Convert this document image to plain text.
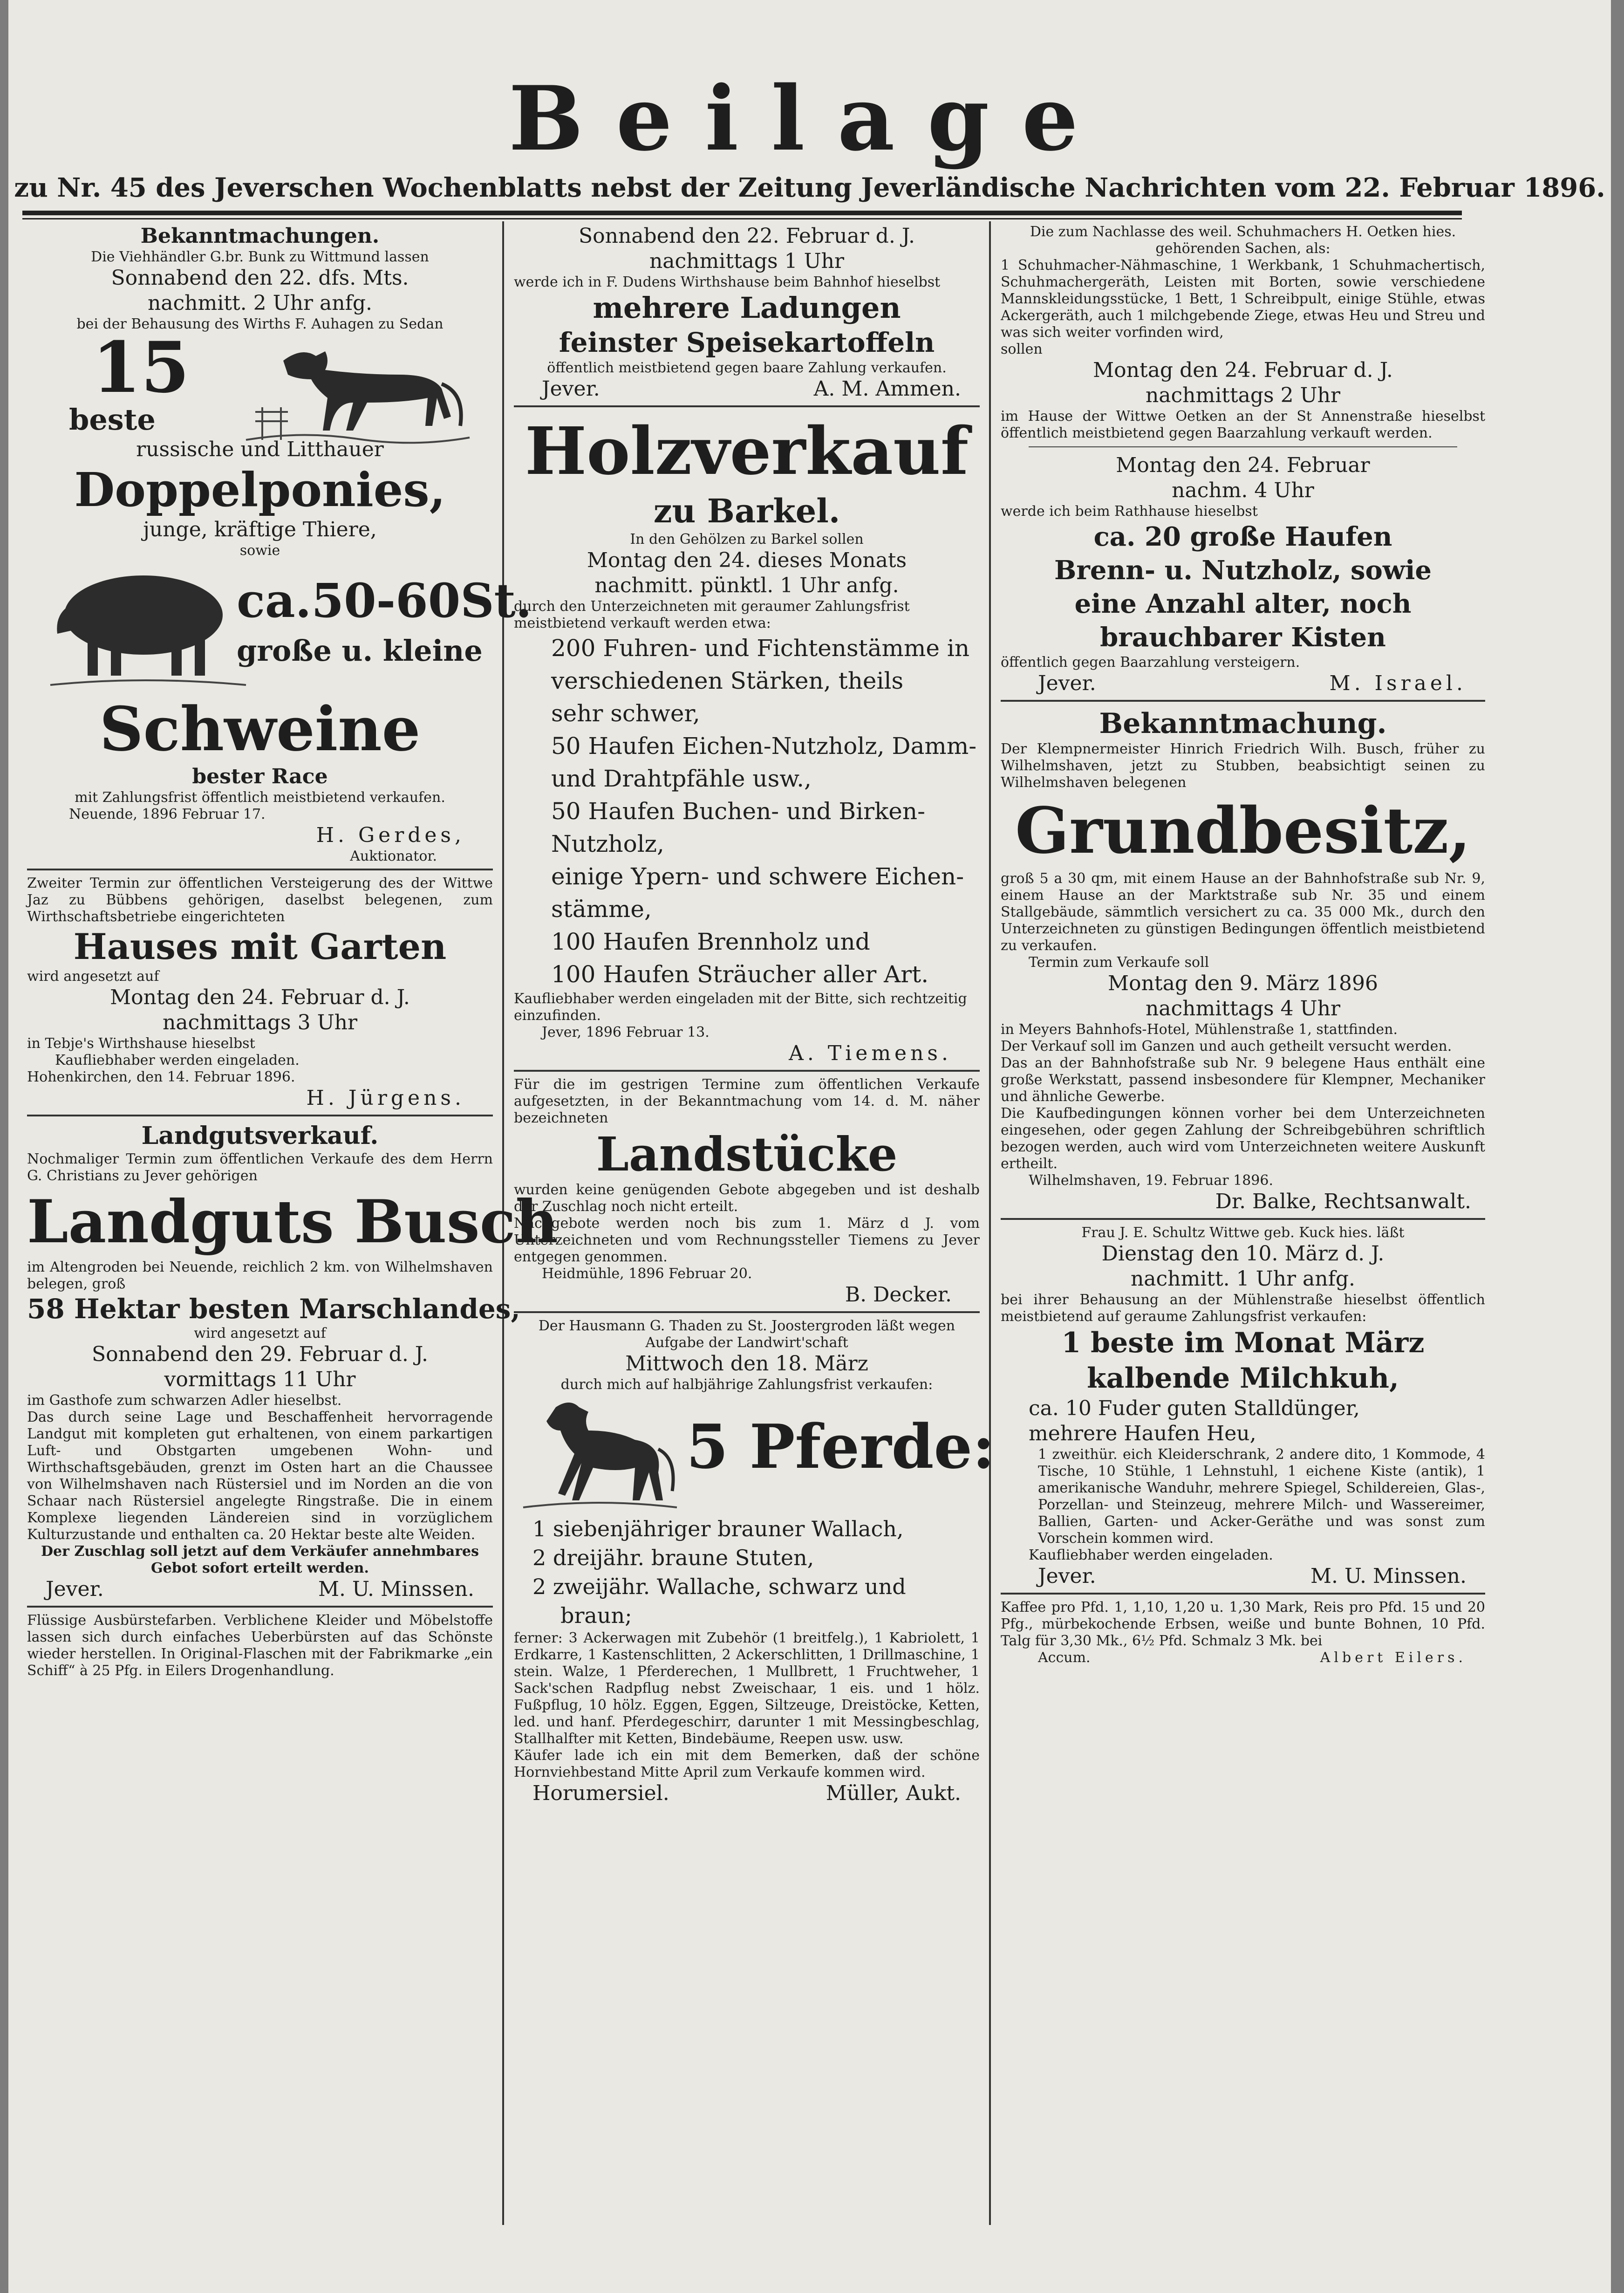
Beilage
zu Nr. 45 des Jeverschen Wochenblatts nebst der Zeitung Jeverländische Nachrichten vom 22. Februar 1896.
Bekanntmachungen.
Die Viehhändler G.br. Bunk zu Wittmund lassen
Sonnabend den 22. dfs. Mts.
nachmitt. 2 Uhr anfg.
bei der Behausung des Wirths F. Auhagen zu Sedan
15
beste
russische und Litthauer
Doppelponies,
junge, kräftige Thiere,
sowie
ca.50-60St.
große u. kleine
Schweine
bester Race
mit Zahlungsfrist öffentlich meistbietend verkaufen.
Neuende, 1896 Februar 17.
H. Gerdes,
Auktionator.
Zweiter Termin zur öffentlichen Versteigerung des der Wittwe Jaz zu Bübbens gehörigen, daselbst belegenen, zum Wirthschaftsbetriebe eingerichteten
Hauses mit Garten
wird angesetzt auf
Montag den 24. Februar d. J.
nachmittags 3 Uhr
in Tebje's Wirthshause hieselbst
Kaufliebhaber werden eingeladen.
Hohenkirchen, den 14. Februar 1896.
H. Jürgens.
Landgutsverkauf.
Nochmaliger Termin zum öffentlichen Verkaufe des dem Herrn G. Christians zu Jever gehörigen
Landguts Busch
im Altengroden bei Neuende, reichlich 2 km. von Wilhelmshaven belegen, groß
58 Hektar besten Marschlandes,
wird angesetzt auf
Sonnabend den 29. Februar d. J.
vormittags 11 Uhr
im Gasthofe zum schwarzen Adler hieselbst.
Das durch seine Lage und Beschaffenheit hervorragende Landgut mit kompleten gut erhaltenen, von einem parkartigen Luft- und Obstgarten umgebenen Wohn- und Wirthschaftsgebäuden, grenzt im Osten hart an die Chaussee von Wilhelmshaven nach Rüstersiel und im Norden an die von Schaar nach Rüstersiel angelegte Ringstraße. Die in einem Komplexe liegenden Ländereien sind in vorzüglichem Kulturzustande und enthalten ca. 20 Hektar beste alte Weiden.
Der Zuschlag soll jetzt auf dem Verkäufer annehmbares Gebot sofort erteilt werden.
Jever.	M. U. Minssen.
Flüssige Ausbürstefarben. Verblichene Kleider und Möbelstoffe lassen sich durch einfaches Ueberbürsten auf das Schönste wieder herstellen. In Original-Flaschen mit der Fabrikmarke „ein Schiff“ à 25 Pfg. in Eilers Drogenhandlung.
Sonnabend den 22. Februar d. J.
nachmittags 1 Uhr
werde ich in F. Dudens Wirthshause beim Bahnhof hieselbst
mehrere Ladungen
feinster Speisekartoffeln
öffentlich meistbietend gegen baare Zahlung verkaufen.
Jever.	A. M. Ammen.
Holzverkauf
zu Barkel.
In den Gehölzen zu Barkel sollen
Montag den 24. dieses Monats
nachmitt. pünktl. 1 Uhr anfg.
durch den Unterzeichneten mit geraumer Zahlungsfrist meistbietend verkauft werden etwa:
200 Fuhren- und Fichtenstämme in
verschiedenen Stärken, theils
sehr schwer,
50 Haufen Eichen-Nutzholz, Damm-
und Drahtpfähle usw.,
50 Haufen Buchen- und Birken-
Nutzholz,
einige Ypern- und schwere Eichen-
stämme,
100 Haufen Brennholz und
100 Haufen Sträucher aller Art.
Kaufliebhaber werden eingeladen mit der Bitte, sich rechtzeitig einzufinden.
Jever, 1896 Februar 13.
A. Tiemens.
Für die im gestrigen Termine zum öffentlichen Verkaufe aufgesetzten, in der Bekanntmachung vom 14. d. M. näher bezeichneten
Landstücke
wurden keine genügenden Gebote abgegeben und ist deshalb der Zuschlag noch nicht erteilt.
Nachgebote werden noch bis zum 1. März d J. vom Unterzeichneten und vom Rechnungssteller Tiemens zu Jever entgegen genommen.
Heidmühle, 1896 Februar 20.
B. Decker.
Der Hausmann G. Thaden zu St. Joostergroden läßt wegen Aufgabe der Landwirt'schaft
Mittwoch den 18. März
durch mich auf halbjährige Zahlungsfrist verkaufen:
5 Pferde:
1 siebenjähriger brauner Wallach,
2 dreijähr. braune Stuten,
2 zweijähr. Wallache, schwarz und
braun;
ferner: 3 Ackerwagen mit Zubehör (1 breitfelg.), 1 Kabriolett, 1 Erdkarre, 1 Kastenschlitten, 2 Ackerschlitten, 1 Drillmaschine, 1 stein. Walze, 1 Pferderechen, 1 Mullbrett, 1 Fruchtweher, 1 Sack'schen Radpflug nebst Zweischaar, 1 eis. und 1 hölz. Fußpflug, 10 hölz. Eggen, Eggen, Siltzeuge, Dreistöcke, Ketten, led. und hanf. Pferdegeschirr, darunter 1 mit Messingbeschlag, Stallhalfter mit Ketten, Bindebäume, Reepen usw. usw.
Käufer lade ich ein mit dem Bemerken, daß der schöne Hornviehbestand Mitte April zum Verkaufe kommen wird.
Horumersiel.	Müller, Aukt.
Die zum Nachlasse des weil. Schuhmachers H. Oetken hies. gehörenden Sachen, als:
1 Schuhmacher-Nähmaschine, 1 Werkbank, 1 Schuhmachertisch, Schuhmachergeräth, Leisten mit Borten, sowie verschiedene Mannskleidungsstücke, 1 Bett, 1 Schreibpult, einige Stühle, etwas Ackergeräth, auch 1 milchgebende Ziege, etwas Heu und Streu und was sich weiter vorfinden wird,
sollen
Montag den 24. Februar d. J.
nachmittags 2 Uhr
im Hause der Wittwe Oetken an der St Annenstraße hieselbst öffentlich meistbietend gegen Baarzahlung verkauft werden.
Montag den 24. Februar
nachm. 4 Uhr
werde ich beim Rathhause hieselbst
ca. 20 große Haufen
Brenn- u. Nutzholz, sowie
eine Anzahl alter, noch
brauchbarer Kisten
öffentlich gegen Baarzahlung versteigern.
Jever.	M. Israel.
Bekanntmachung.
Der Klempnermeister Hinrich Friedrich Wilh. Busch, früher zu Wilhelmshaven, jetzt zu Stubben, beabsichtigt seinen zu Wilhelmshaven belegenen
Grundbesitz,
groß 5 a 30 qm, mit einem Hause an der Bahnhofstraße sub Nr. 9, einem Hause an der Marktstraße sub Nr. 35 und einem Stallgebäude, sämmtlich versichert zu ca. 35 000 Mk., durch den Unterzeichneten zu günstigen Bedingungen öffentlich meistbietend zu verkaufen.
Termin zum Verkaufe soll
Montag den 9. März 1896
nachmittags 4 Uhr
in Meyers Bahnhofs-Hotel, Mühlenstraße 1, stattfinden.
Der Verkauf soll im Ganzen und auch getheilt versucht werden.
Das an der Bahnhofstraße sub Nr. 9 belegene Haus enthält eine große Werkstatt, passend insbesondere für Klempner, Mechaniker und ähnliche Gewerbe.
Die Kaufbedingungen können vorher bei dem Unterzeichneten eingesehen, oder gegen Zahlung der Schreibgebühren schriftlich bezogen werden, auch wird vom Unterzeichneten weitere Auskunft ertheilt.
Wilhelmshaven, 19. Februar 1896.
Dr. Balke, Rechtsanwalt.
Frau J. E. Schultz Wittwe geb. Kuck hies. läßt
Dienstag den 10. März d. J.
nachmitt. 1 Uhr anfg.
bei ihrer Behausung an der Mühlenstraße hieselbst öffentlich meistbietend auf geraume Zahlungsfrist verkaufen:
1 beste im Monat März
kalbende Milchkuh,
ca. 10 Fuder guten Stalldünger,
mehrere Haufen Heu,
1 zweithür. eich Kleiderschrank, 2 andere dito, 1 Kommode, 4 Tische, 10 Stühle, 1 Lehnstuhl, 1 eichene Kiste (antik), 1 amerikanische Wanduhr, mehrere Spiegel, Schildereien, Glas-, Porzellan- und Steinzeug, mehrere Milch- und Wassereimer, Ballien, Garten- und Acker-Geräthe und was sonst zum Vorschein kommen wird.
Kaufliebhaber werden eingeladen.
Jever.	M. U. Minssen.
Kaffee pro Pfd. 1, 1,10, 1,20 u. 1,30 Mark, Reis pro Pfd. 15 und 20 Pfg., mürbekochende Erbsen, weiße und bunte Bohnen, 10 Pfd. Talg für 3,30 Mk., 6½ Pfd. Schmalz 3 Mk. bei
Accum.	Albert Eilers.
